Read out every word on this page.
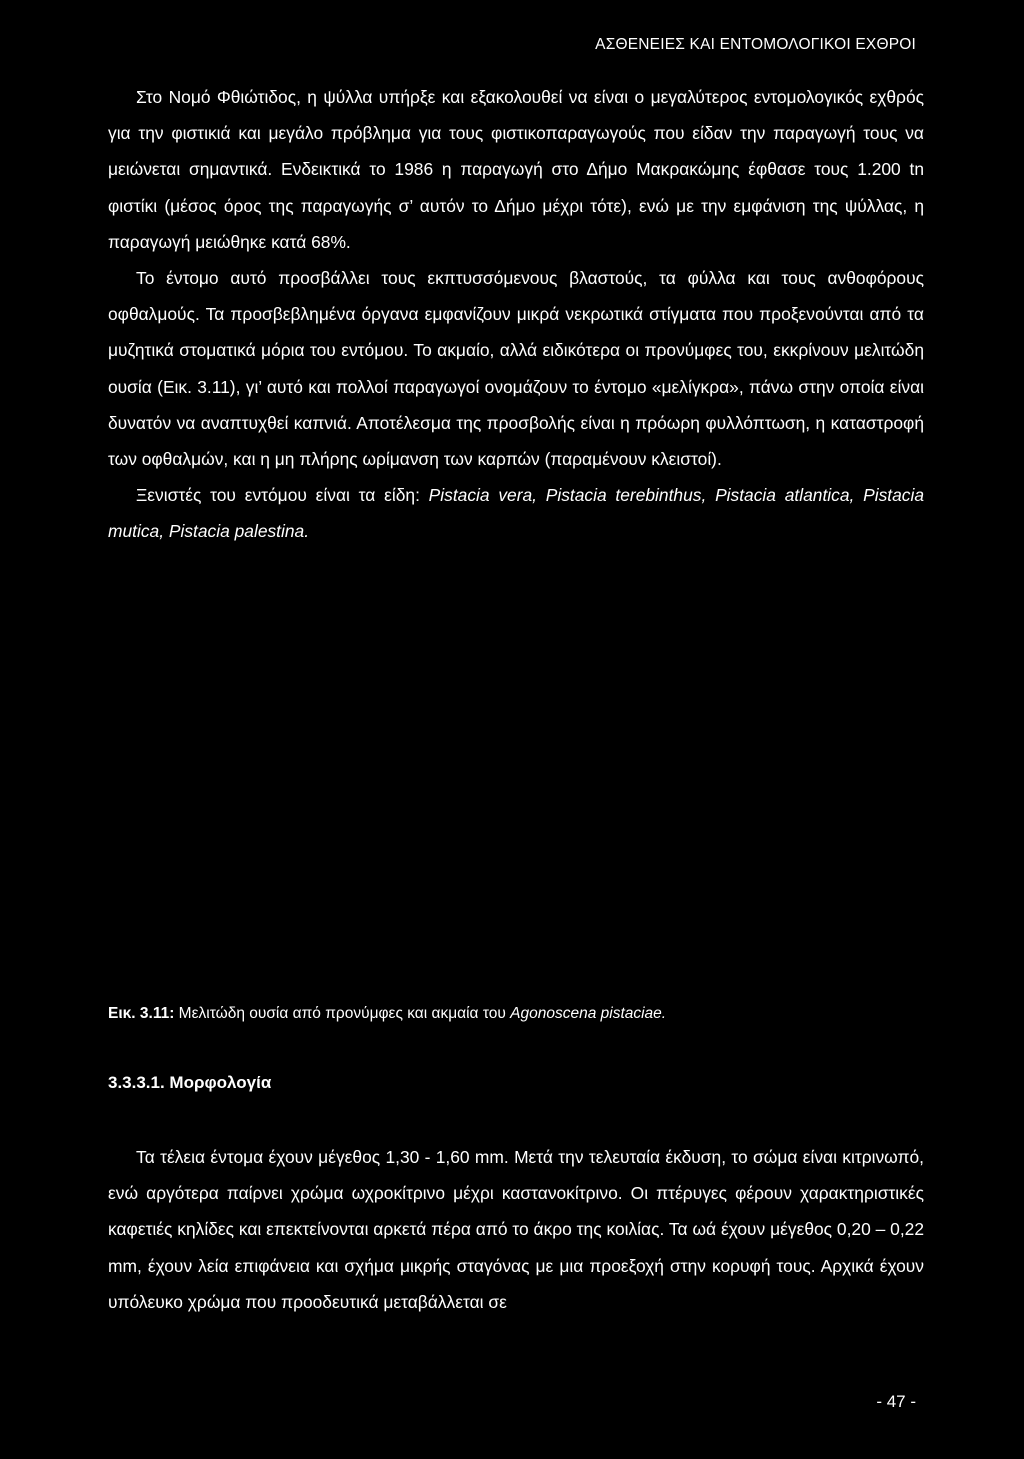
ΑΣΘΕΝΕΙΕΣ ΚΑΙ ΕΝΤΟΜΟΛΟΓΙΚΟΙ ΕΧΘΡΟΙ

Στο Νομό Φθιώτιδος, η ψύλλα υπήρξε και εξακολουθεί να είναι ο μεγαλύτερος εντομολογικός εχθρός για την φιστικιά και μεγάλο πρόβλημα για τους φιστικοπαραγωγούς που είδαν την παραγωγή τους να μειώνεται σημαντικά. Ενδεικτικά το 1986 η παραγωγή στο Δήμο Μακρακώμης έφθασε τους 1.200 tn φιστίκι (μέσος όρος της παραγωγής σ’ αυτόν το Δήμο μέχρι τότε), ενώ με την εμφάνιση της ψύλλας, η παραγωγή μειώθηκε κατά 68%.

Το έντομο αυτό προσβάλλει τους εκπτυσσόμενους βλαστούς, τα φύλλα και τους ανθοφόρους οφθαλμούς. Τα προσβεβλημένα όργανα εμφανίζουν μικρά νεκρωτικά στίγματα που προξενούνται από τα μυζητικά στοματικά μόρια του εντόμου. Το ακμαίο, αλλά ειδικότερα οι προνύμφες του, εκκρίνουν μελιτώδη ουσία (Εικ. 3.11), γι’ αυτό και πολλοί παραγωγοί ονομάζουν το έντομο «μελίγκρα», πάνω στην οποία είναι δυνατόν να αναπτυχθεί καπνιά. Αποτέλεσμα της προσβολής είναι η πρόωρη φυλλόπτωση, η καταστροφή των οφθαλμών, και η μη πλήρης ωρίμανση των καρπών (παραμένουν κλειστοί).

Ξενιστές του εντόμου είναι τα είδη: Pistacia vera, Pistacia terebinthus, Pistacia atlantica, Pistacia mutica, Pistacia palestina.

Εικ. 3.11: Μελιτώδη ουσία από προνύμφες και ακμαία του Agonoscena pistaciae.
3.3.3.1. Μορφολογία

Τα τέλεια έντομα έχουν μέγεθος 1,30 - 1,60 mm. Μετά την τελευταία έκδυση, το σώμα είναι κιτρινωπό, ενώ αργότερα παίρνει χρώμα ωχροκίτρινο μέχρι καστανοκίτρινο. Οι πτέρυγες φέρουν χαρακτηριστικές καφετιές κηλίδες και επεκτείνονται αρκετά πέρα από το άκρο της κοιλίας. Τα ωά έχουν μέγεθος 0,20 – 0,22 mm, έχουν λεία επιφάνεια και σχήμα μικρής σταγόνας με μια προεξοχή στην κορυφή τους. Αρχικά έχουν υπόλευκο χρώμα που προοδευτικά μεταβάλλεται σε

- 47 -
